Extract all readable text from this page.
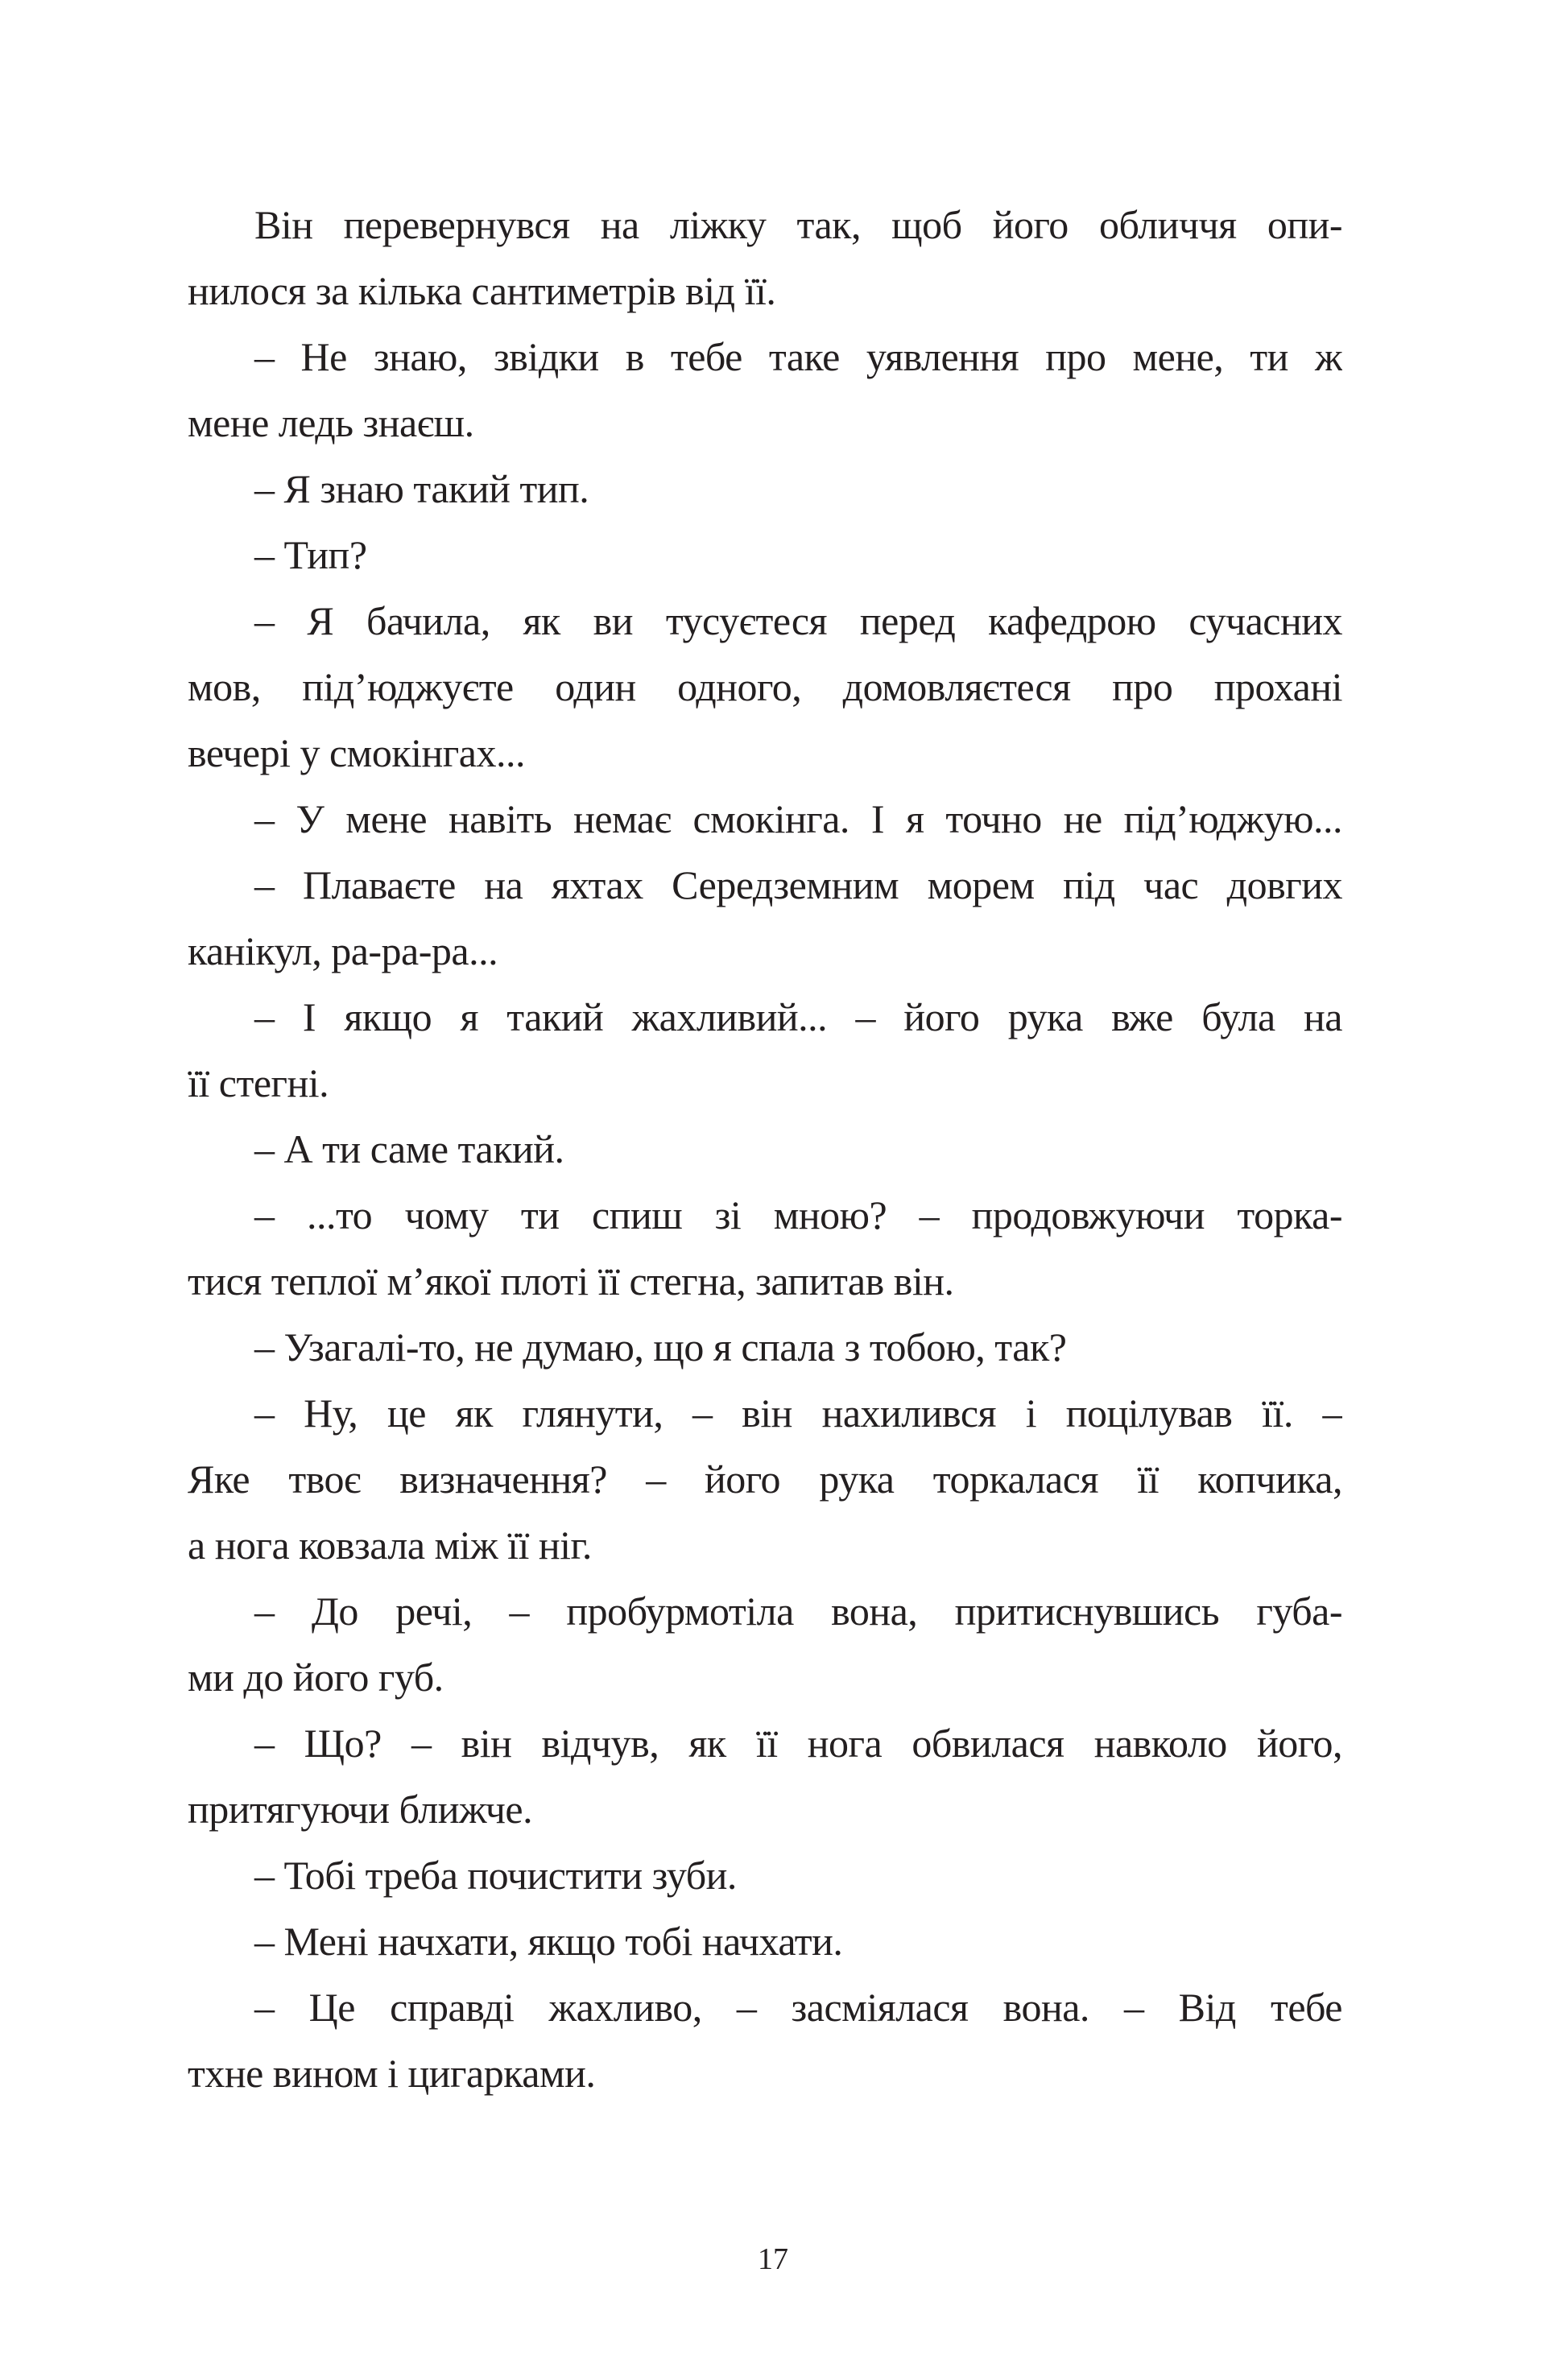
Він перевернувся на ліжку так, щоб його обличчя опи-
нилося за кілька сантиметрів від її.
– Не знаю, звідки в тебе таке уявлення про мене, ти ж
мене ледь знаєш.
– Я знаю такий тип.
– Тип?
– Я бачила, як ви тусуєтеся перед кафедрою сучасних
мов, під’юджуєте один одного, домовляєтеся про прохані
вечері у смокінгах...
– У мене навіть немає смокінга. І я точно не під’юджую...
– Плаваєте на яхтах Середземним морем під час довгих
канікул, ра-ра-ра...
– І якщо я такий жахливий... – його рука вже була на
її стегні.
– А ти саме такий.
– ...то чому ти спиш зі мною? – продовжуючи торка-
тися теплої м’якої плоті її стегна, запитав він.
– Узагалі-то, не думаю, що я спала з тобою, так?
– Ну, це як глянути, – він нахилився і поцілував її. –
Яке твоє визначення? – його рука торкалася її копчика,
а нога ковзала між її ніг.
– До речі, – пробурмотіла вона, притиснувшись губа-
ми до його губ.
– Що? – він відчув, як її нога обвилася навколо його,
притягуючи ближче.
– Тобі треба почистити зуби.
– Мені начхати, якщо тобі начхати.
– Це справді жахливо, – засміялася вона. – Від тебе
тхне вином і цигарками.
17
